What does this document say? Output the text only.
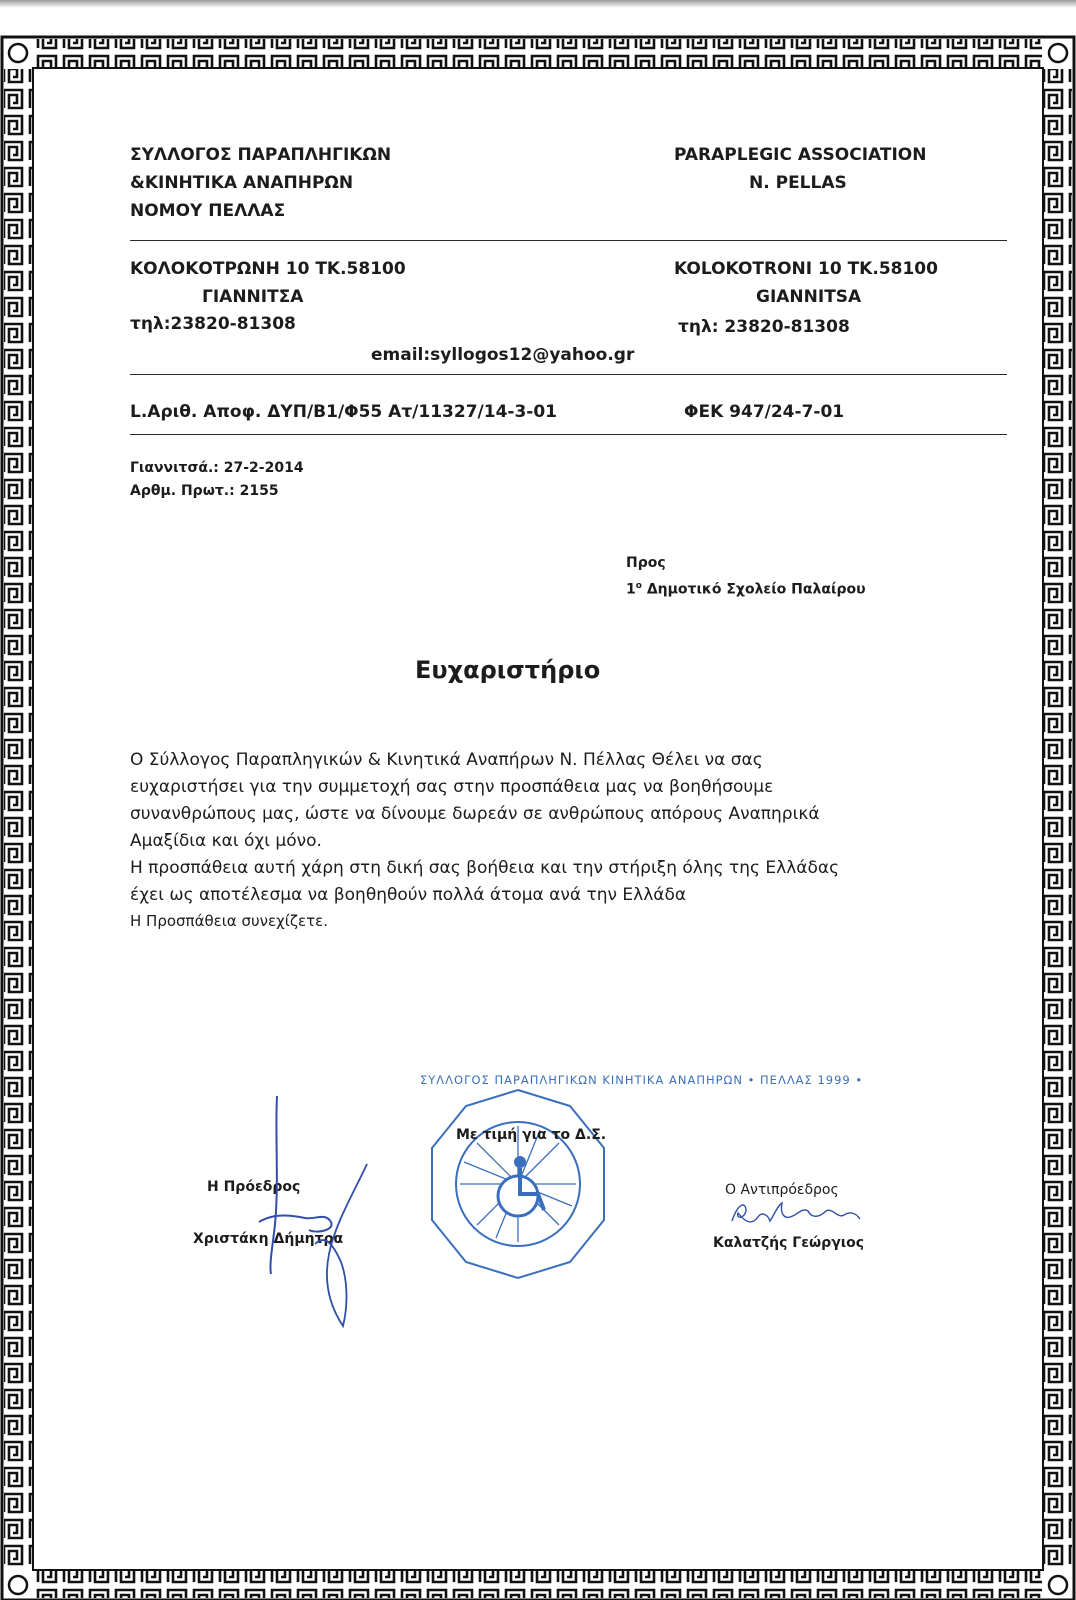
ΣΥΛΛΟΓΟΣ ΠΑΡΑΠΛΗΓΙΚΩΝ
&ΚΙΝΗΤΙΚΑ ΑΝΑΠΗΡΩΝ
ΝΟΜΟΥ ΠΕΛΛΑΣ
PARAPLEGIC ASSOCIATION
N. PELLAS
ΚΟΛΟΚΟΤΡΩΝΗ 10 ΤΚ.58100
ΓΙΑΝΝΙΤΣΑ
τηλ:23820-81308
KOLOKOTRONI 10 TK.58100
GIANNITSA
τηλ: 23820-81308
email:syllogos12@yahoo.gr
L.Αριθ. Αποφ. ΔΥΠ/Β1/Φ55 Ατ/11327/14-3-01	ΦΕΚ 947/24-7-01
Γιαννιτσά.: 27-2-2014
Αρθμ. Πρωτ.: 2155
Προς
$1^o$ Δημοτικό Σχολείο Παλαίρου
Ευχαριστήριο
Ο Σύλλογος Παραπληγικών & Κινητικά Αναπήρων Ν. Πέλλας Θέλει να σας
ευχαριστήσει για την συμμετοχή σας στην προσπάθεια μας να βοηθήσουμε
συνανθρώπους μας, ώστε να δίνουμε δωρεάν σε ανθρώπους απόρους Αναπηρικά
Αμαξίδια και όχι μόνο.
Η προσπάθεια αυτή χάρη στη δική σας βοήθεια και την στήριξη όλης της Ελλάδας
έχει ως αποτέλεσμα να βοηθηθούν πολλά άτομα ανά την Ελλάδα
Η Προσπάθεια συνεχίζετε.
ΣΥΛΛΟΓΟΣ ΠΑΡΑΠΛΗΓΙΚΩΝ ΚΙΝΗΤΙΚΑ ΑΝΑΠΗΡΩΝ • ΠΕΛΛΑΣ 1999 •
Με τιμή για το Δ.Σ.
Η Πρόεδρος
Χριστάκη Δήμητρα
Ο Αντιπρόεδρος
Καλατζής Γεώργιος
